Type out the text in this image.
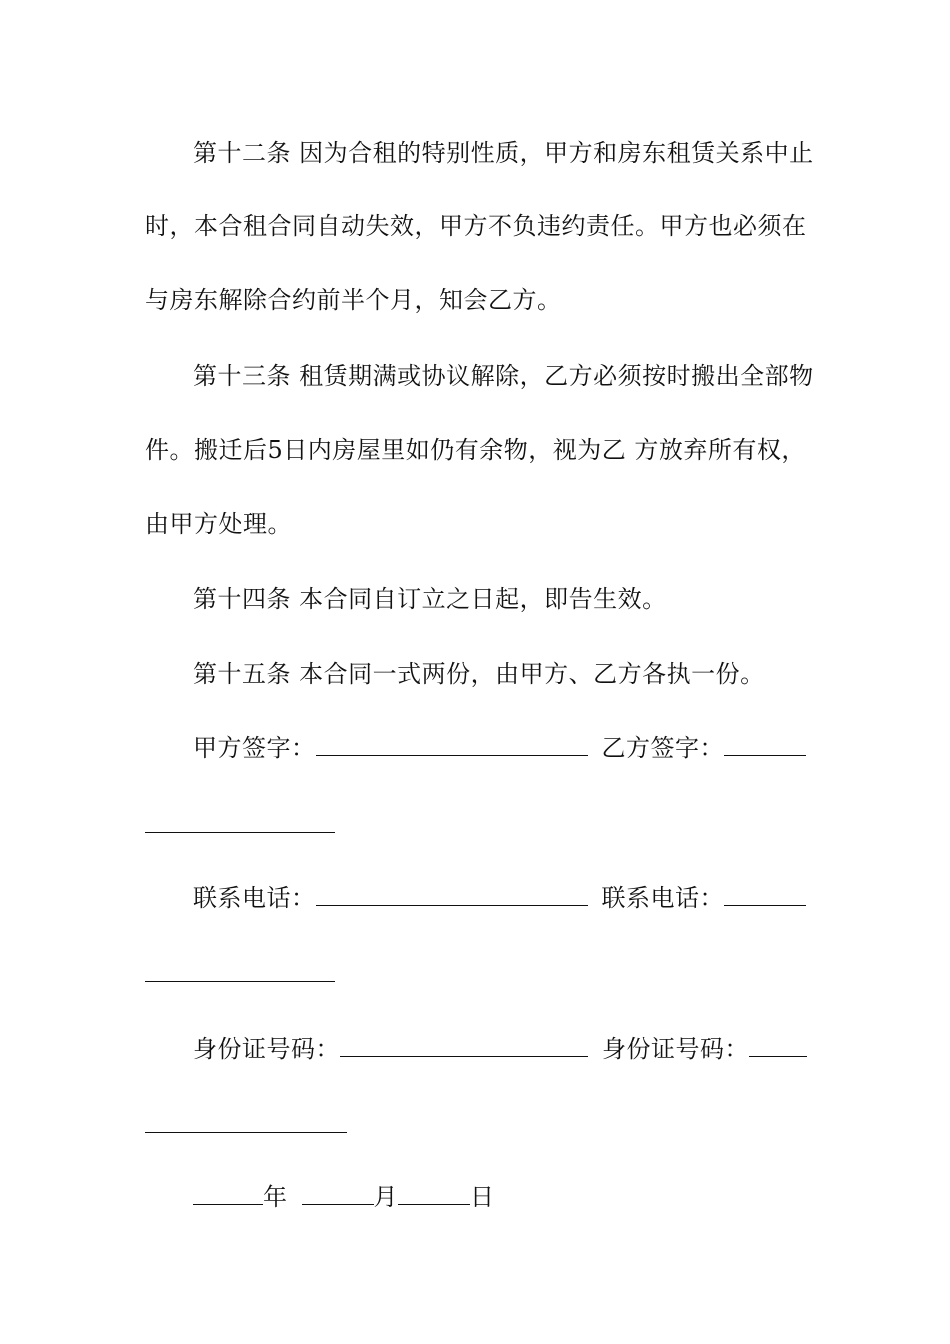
第十二条 因为合租的特别性质，甲方和房东租赁关系中止
时，本合租合同自动失效，甲方不负违约责任。甲方也必须在
与房东解除合约前半个月，知会乙方。
第十三条 租赁期满或协议解除，乙方必须按时搬出全部物
件。搬迁后5日内房屋里如仍有余物，视为乙 方放弃所有权，
由甲方处理。
第十四条 本合同自订立之日起，即告生效。
第十五条 本合同一式两份，由甲方、乙方各执一份。
甲方签字：	乙方签字：
联系电话：	联系电话：
身份证号码：	身份证号码：
年	月	日
